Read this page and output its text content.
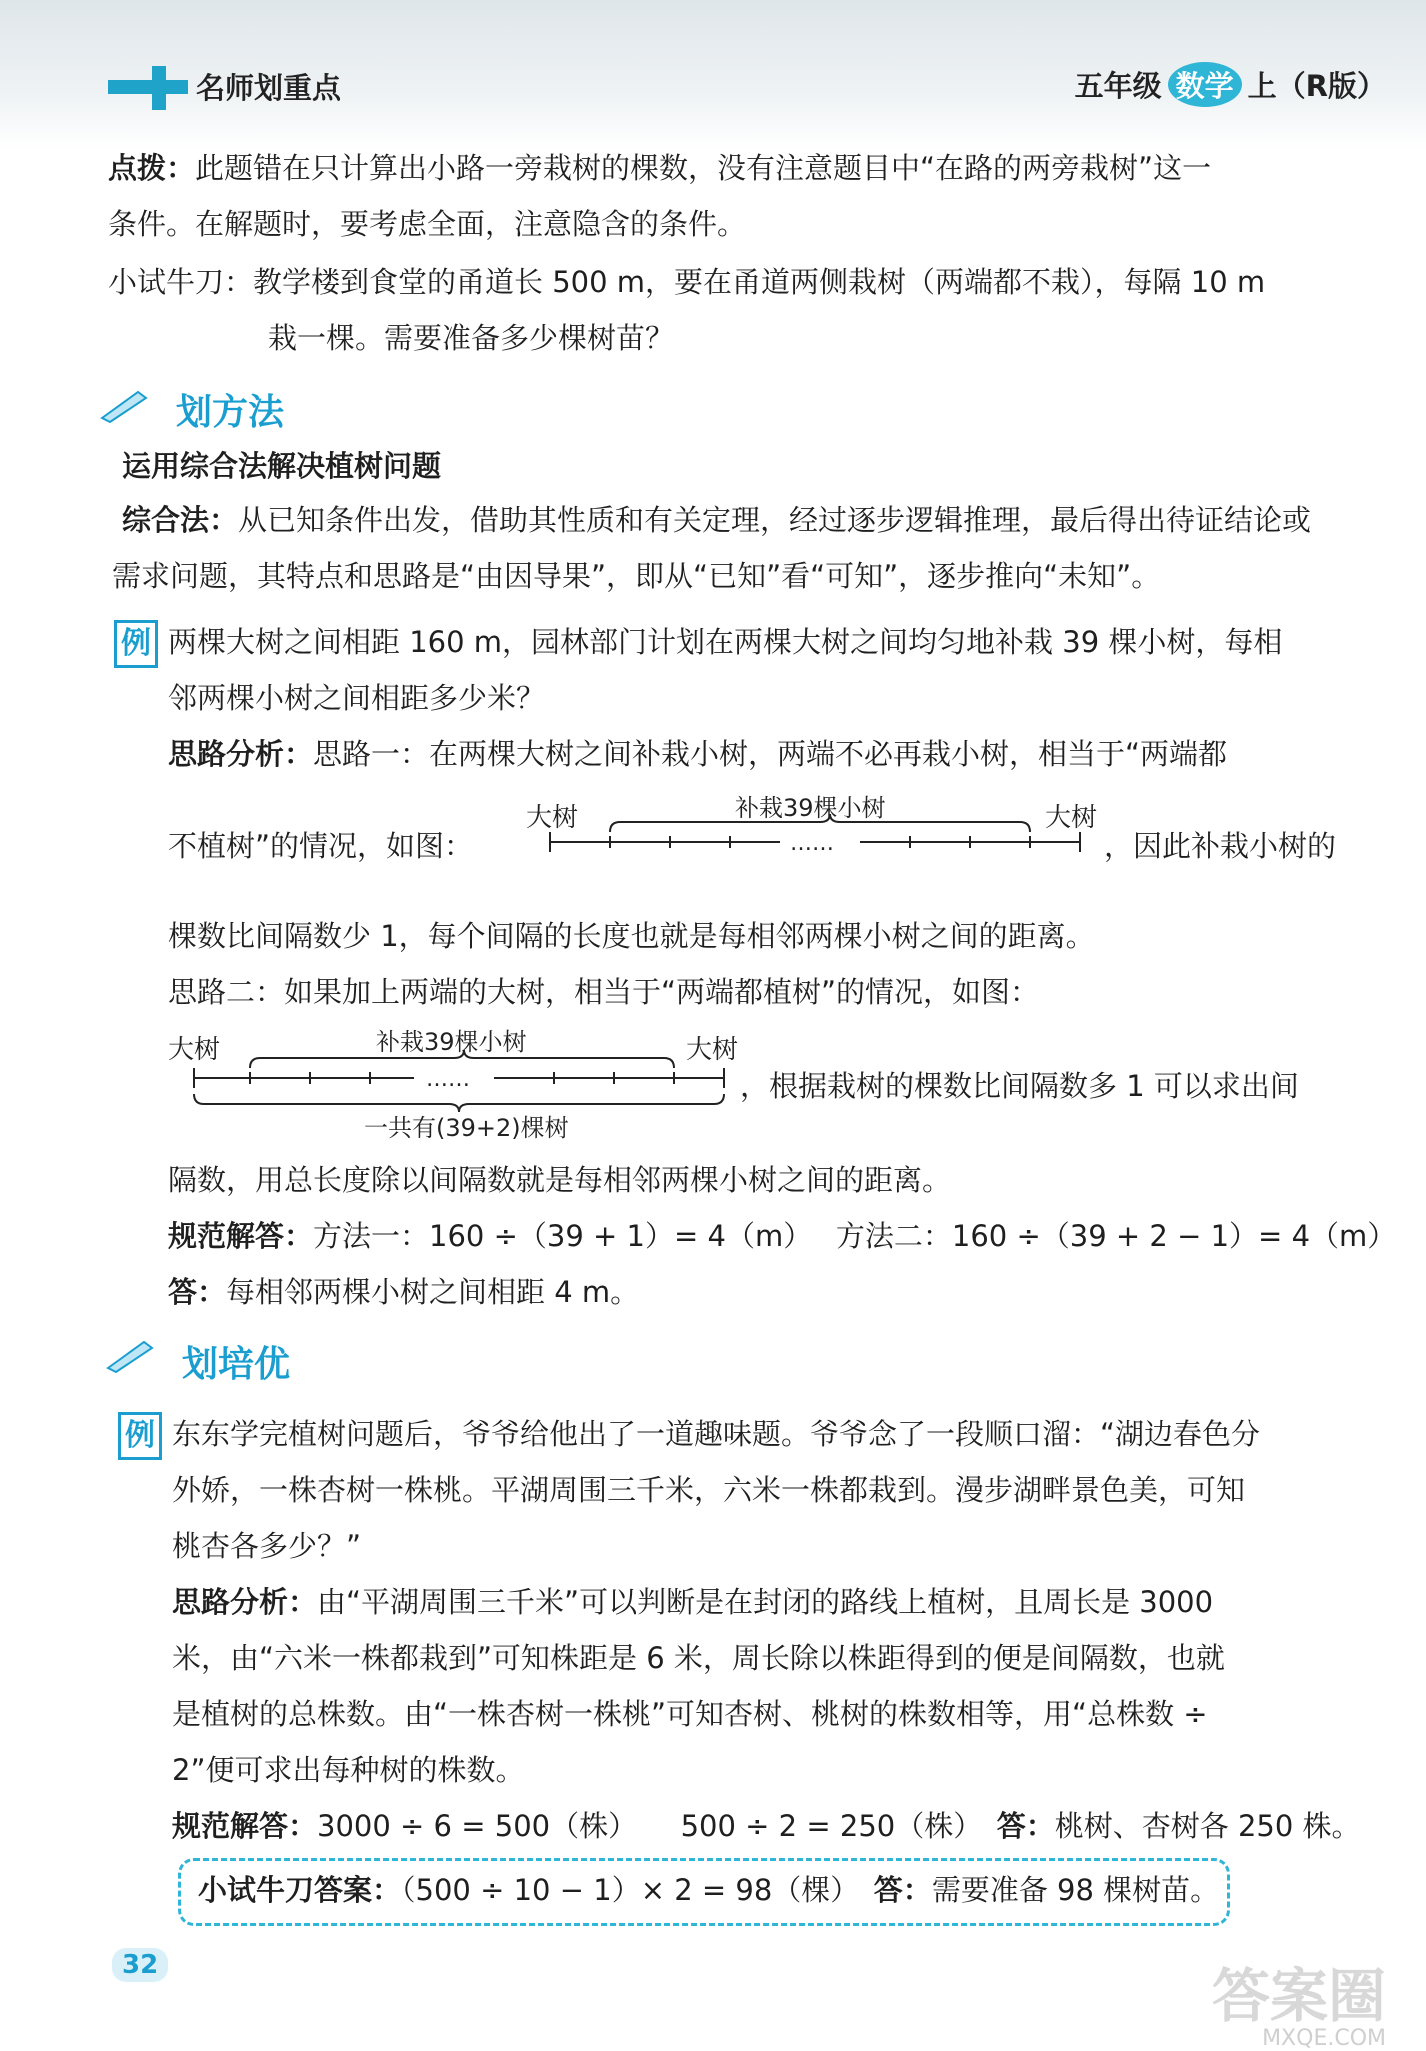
名师划重点	五年级 数学 上（R版）
点拨：此题错在只计算出小路一旁栽树的棵数，没有注意题目中“在路的两旁栽树”这一
条件。在解题时，要考虑全面，注意隐含的条件。
小试牛刀：教学楼到食堂的甬道长 500 m，要在甬道两侧栽树（两端都不栽），每隔 10 m
栽一棵。需要准备多少棵树苗？
划方法
运用综合法解决植树问题
综合法：从已知条件出发，借助其性质和有关定理，经过逐步逻辑推理，最后得出待证结论或
需求问题，其特点和思路是“由因导果”，即从“已知”看“可知”，逐步推向“未知”。
例 两棵大树之间相距 160 m，园林部门计划在两棵大树之间均匀地补栽 39 棵小树，每相
邻两棵小树之间相距多少米？
思路分析：思路一：在两棵大树之间补栽小树，两端不必再栽小树，相当于“两端都
不植树”的情况，如图：
大树	大树
补栽39棵小树
……	，因此补栽小树的
棵数比间隔数少 1，每个间隔的长度也就是每相邻两棵小树之间的距离。
思路二：如果加上两端的大树，相当于“两端都植树”的情况，如图：
大树	大树
补栽39棵小树
……
一共有(39+2)棵树
，根据栽树的棵数比间隔数多 1 可以求出间
隔数，用总长度除以间隔数就是每相邻两棵小树之间的距离。
规范解答：方法一：160 ÷（39 + 1）= 4（m）　 方法二：160 ÷（39 + 2 − 1）= 4（m）
答：每相邻两棵小树之间相距 4 m。
划培优
例 东东学完植树问题后，爷爷给他出了一道趣味题。爷爷念了一段顺口溜：“湖边春色分
外娇，一株杏树一株桃。平湖周围三千米，六米一株都栽到。漫步湖畔景色美，可知
桃杏各多少？”
思路分析：由“平湖周围三千米”可以判断是在封闭的路线上植树，且周长是 3000
米，由“六米一株都栽到”可知株距是 6 米，周长除以株距得到的便是间隔数，也就
是植树的总株数。由“一株杏树一株桃”可知杏树、桃树的株数相等，用“总株数 ÷
2”便可求出每种树的株数。
规范解答：3000 ÷ 6 = 500（株）　　500 ÷ 2 = 250（株）　答：桃树、杏树各 250 株。
小试牛刀答案：（500 ÷ 10 − 1）× 2 = 98（棵）　答：需要准备 98 棵树苗。
32	答案圈
MXQE.COM
